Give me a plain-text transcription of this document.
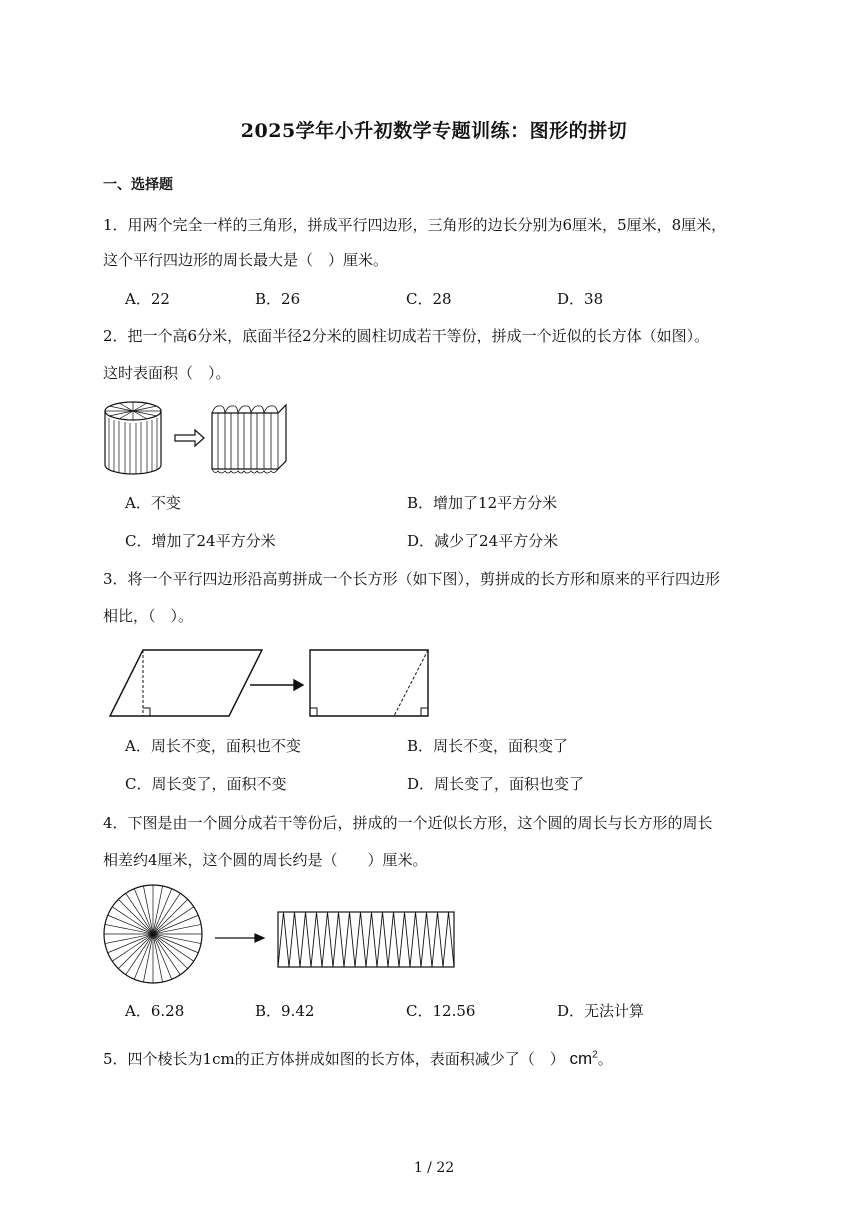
2025学年小升初数学专题训练：图形的拼切
一、选择题
1．用两个完全一样的三角形，拼成平行四边形，三角形的边长分别为6厘米，5厘米，8厘米，
这个平行四边形的周长最大是（　）厘米。
A．22	B．26	C．28	D．38
2．把一个高6分米，底面半径2分米的圆柱切成若干等份，拼成一个近似的长方体（如图）。
这时表面积（　）。
A．不变	B．增加了12平方分米
C．增加了24平方分米	D．减少了24平方分米
3．将一个平行四边形沿高剪拼成一个长方形（如下图），剪拼成的长方形和原来的平行四边形
相比，（　）。
A．周长不变，面积也不变	B．周长不变，面积变了
C．周长变了，面积不变	D．周长变了，面积也变了
4．下图是由一个圆分成若干等份后，拼成的一个近似长方形，这个圆的周长与长方形的周长
相差约4厘米，这个圆的周长约是（　　）厘米。
A．6.28	B．9.42	C．12.56	D．无法计算
5．四个棱长为1cm的正方体拼成如图的长方体，表面积减少了（　） $cm^2$。
1 / 22
